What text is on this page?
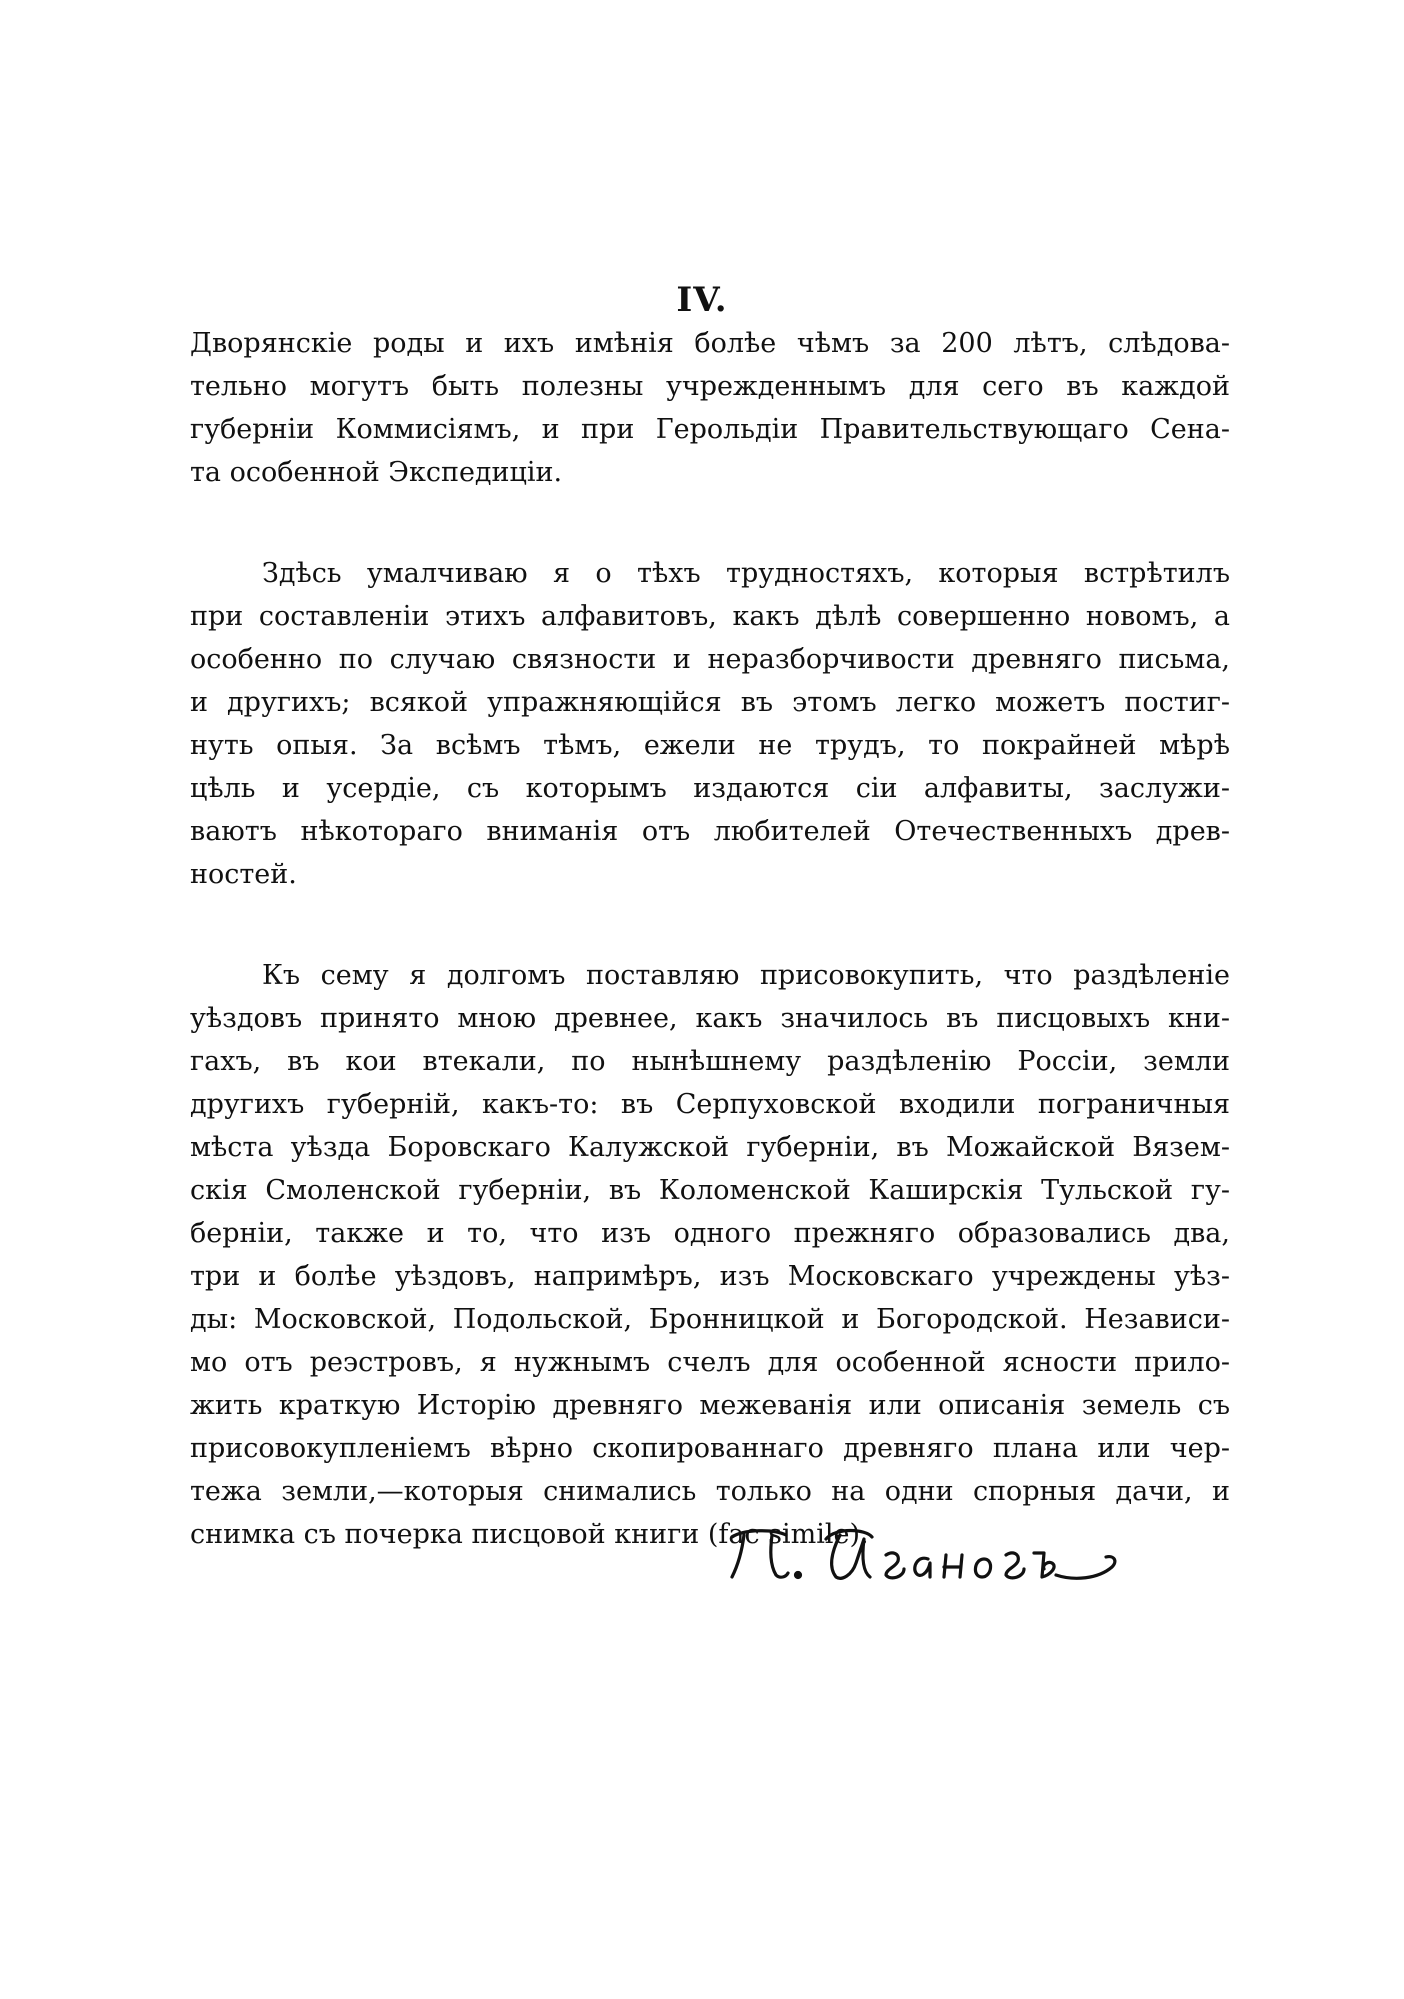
IV.
Дворянскіе роды и ихъ имѣнія болѣе чѣмъ за 200 лѣтъ, слѣдова-
тельно могутъ быть полезны учрежденнымъ для сего въ каждой
губерніи Коммисіямъ, и при Герольдіи Правительствующаго Сена-
та особенной Экспедиціи.
Здѣсь умалчиваю я о тѣхъ трудностяхъ, которыя встрѣтилъ
при составленіи этихъ алфавитовъ, какъ дѣлѣ совершенно новомъ, а
особенно по случаю связности и неразборчивости древняго письма,
и другихъ; всякой упражняющійся въ этомъ легко можетъ постиг-
нуть опыя. За всѣмъ тѣмъ, ежели не трудъ, то покрайней мѣрѣ
цѣль и усердіе, съ которымъ издаются сіи алфавиты, заслужи-
ваютъ нѣкотораго вниманія отъ любителей Отечественныхъ древ-
ностей.
Къ сему я долгомъ поставляю присовокупить, что раздѣленіе
уѣздовъ принято мною древнее, какъ значилось въ писцовыхъ кни-
гахъ, въ кои втекали, по нынѣшнему раздѣленію Россіи, земли
другихъ губерній, какъ-то: въ Серпуховской входили пограничныя
мѣста уѣзда Боровскаго Калужской губерніи, въ Можайской Вязем-
скія Смоленской губерніи, въ Коломенской Каширскія Тульской гу-
берніи, также и то, что изъ одного прежняго образовались два,
три и болѣе уѣздовъ, напримѣръ, изъ Московскаго учреждены уѣз-
ды: Московской, Подольской, Бронницкой и Богородской. Независи-
мо отъ реэстровъ, я нужнымъ счелъ для особенной ясности прило-
жить краткую Исторію древняго межеванія или описанія земель съ
присовокупленіемъ вѣрно скопированнаго древняго плана или чер-
тежа земли,—которыя снимались только на одни спорныя дачи, и
снимка съ почерка писцовой книги (fac simile).
